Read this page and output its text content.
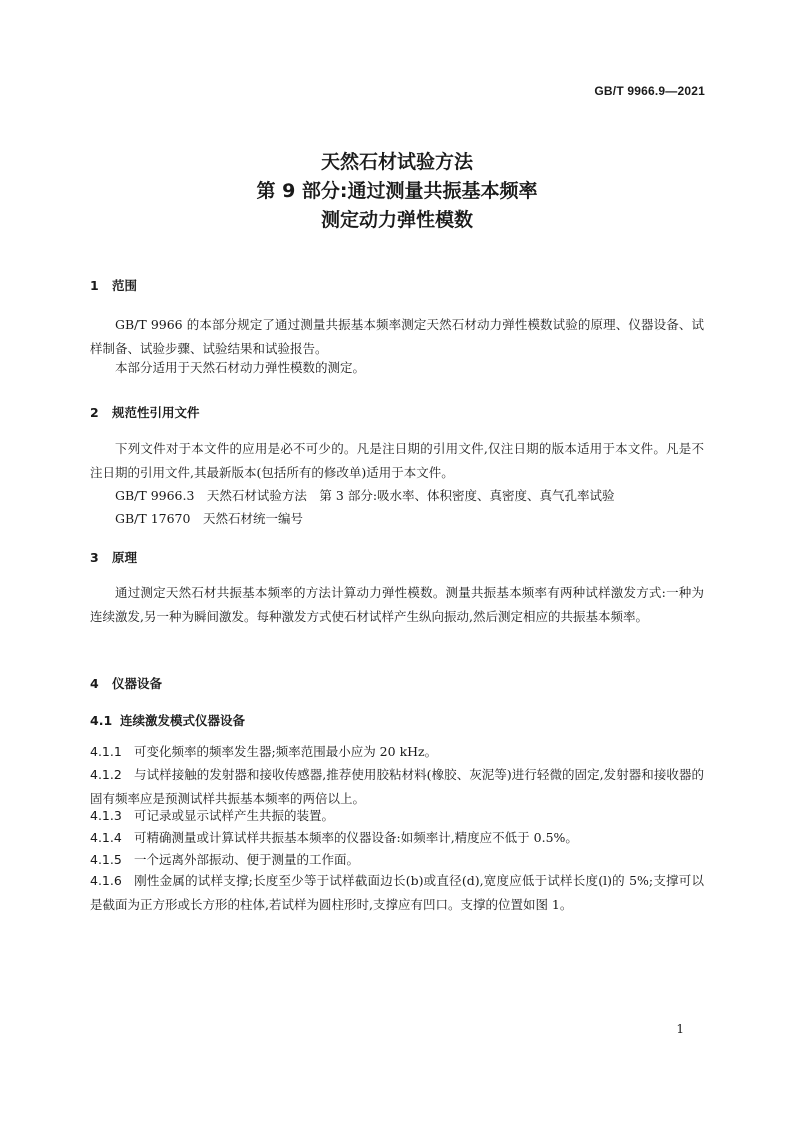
GB/T 9966.9—2021
天然石材试验方法
第 9 部分:通过测量共振基本频率
测定动力弹性模数
1 范围

GB/T 9966 的本部分规定了通过测量共振基本频率测定天然石材动力弹性模数试验的原理、仪器设备、试样制备、试验步骤、试验结果和试验报告。

本部分适用于天然石材动力弹性模数的测定。

2 规范性引用文件

下列文件对于本文件的应用是必不可少的。凡是注日期的引用文件,仅注日期的版本适用于本文件。凡是不注日期的引用文件,其最新版本(包括所有的修改单)适用于本文件。

GB/T 9966.3　天然石材试验方法　第 3 部分:吸水率、体积密度、真密度、真气孔率试验
GB/T 17670　天然石材统一编号
3 原理

通过测定天然石材共振基本频率的方法计算动力弹性模数。测量共振基本频率有两种试样激发方式:一种为连续激发,另一种为瞬间激发。每种激发方式使石材试样产生纵向振动,然后测定相应的共振基本频率。

4 仪器设备
4.1 连续激发模式仪器设备

4.1.1 可变化频率的频率发生器;频率范围最小应为 20 kHz。

4.1.2 与试样接触的发射器和接收传感器,推荐使用胶粘材料(橡胶、灰泥等)进行轻微的固定,发射器和接收器的固有频率应是预测试样共振基本频率的两倍以上。

4.1.3 可记录或显示试样产生共振的装置。

4.1.4 可精确测量或计算试样共振基本频率的仪器设备:如频率计,精度应不低于 0.5%。

4.1.5 一个远离外部振动、便于测量的工作面。

4.1.6 刚性金属的试样支撑;长度至少等于试样截面边长(b)或直径(d),宽度应低于试样长度(l)的 5%;支撑可以是截面为正方形或长方形的柱体,若试样为圆柱形时,支撑应有凹口。支撑的位置如图 1。

1
